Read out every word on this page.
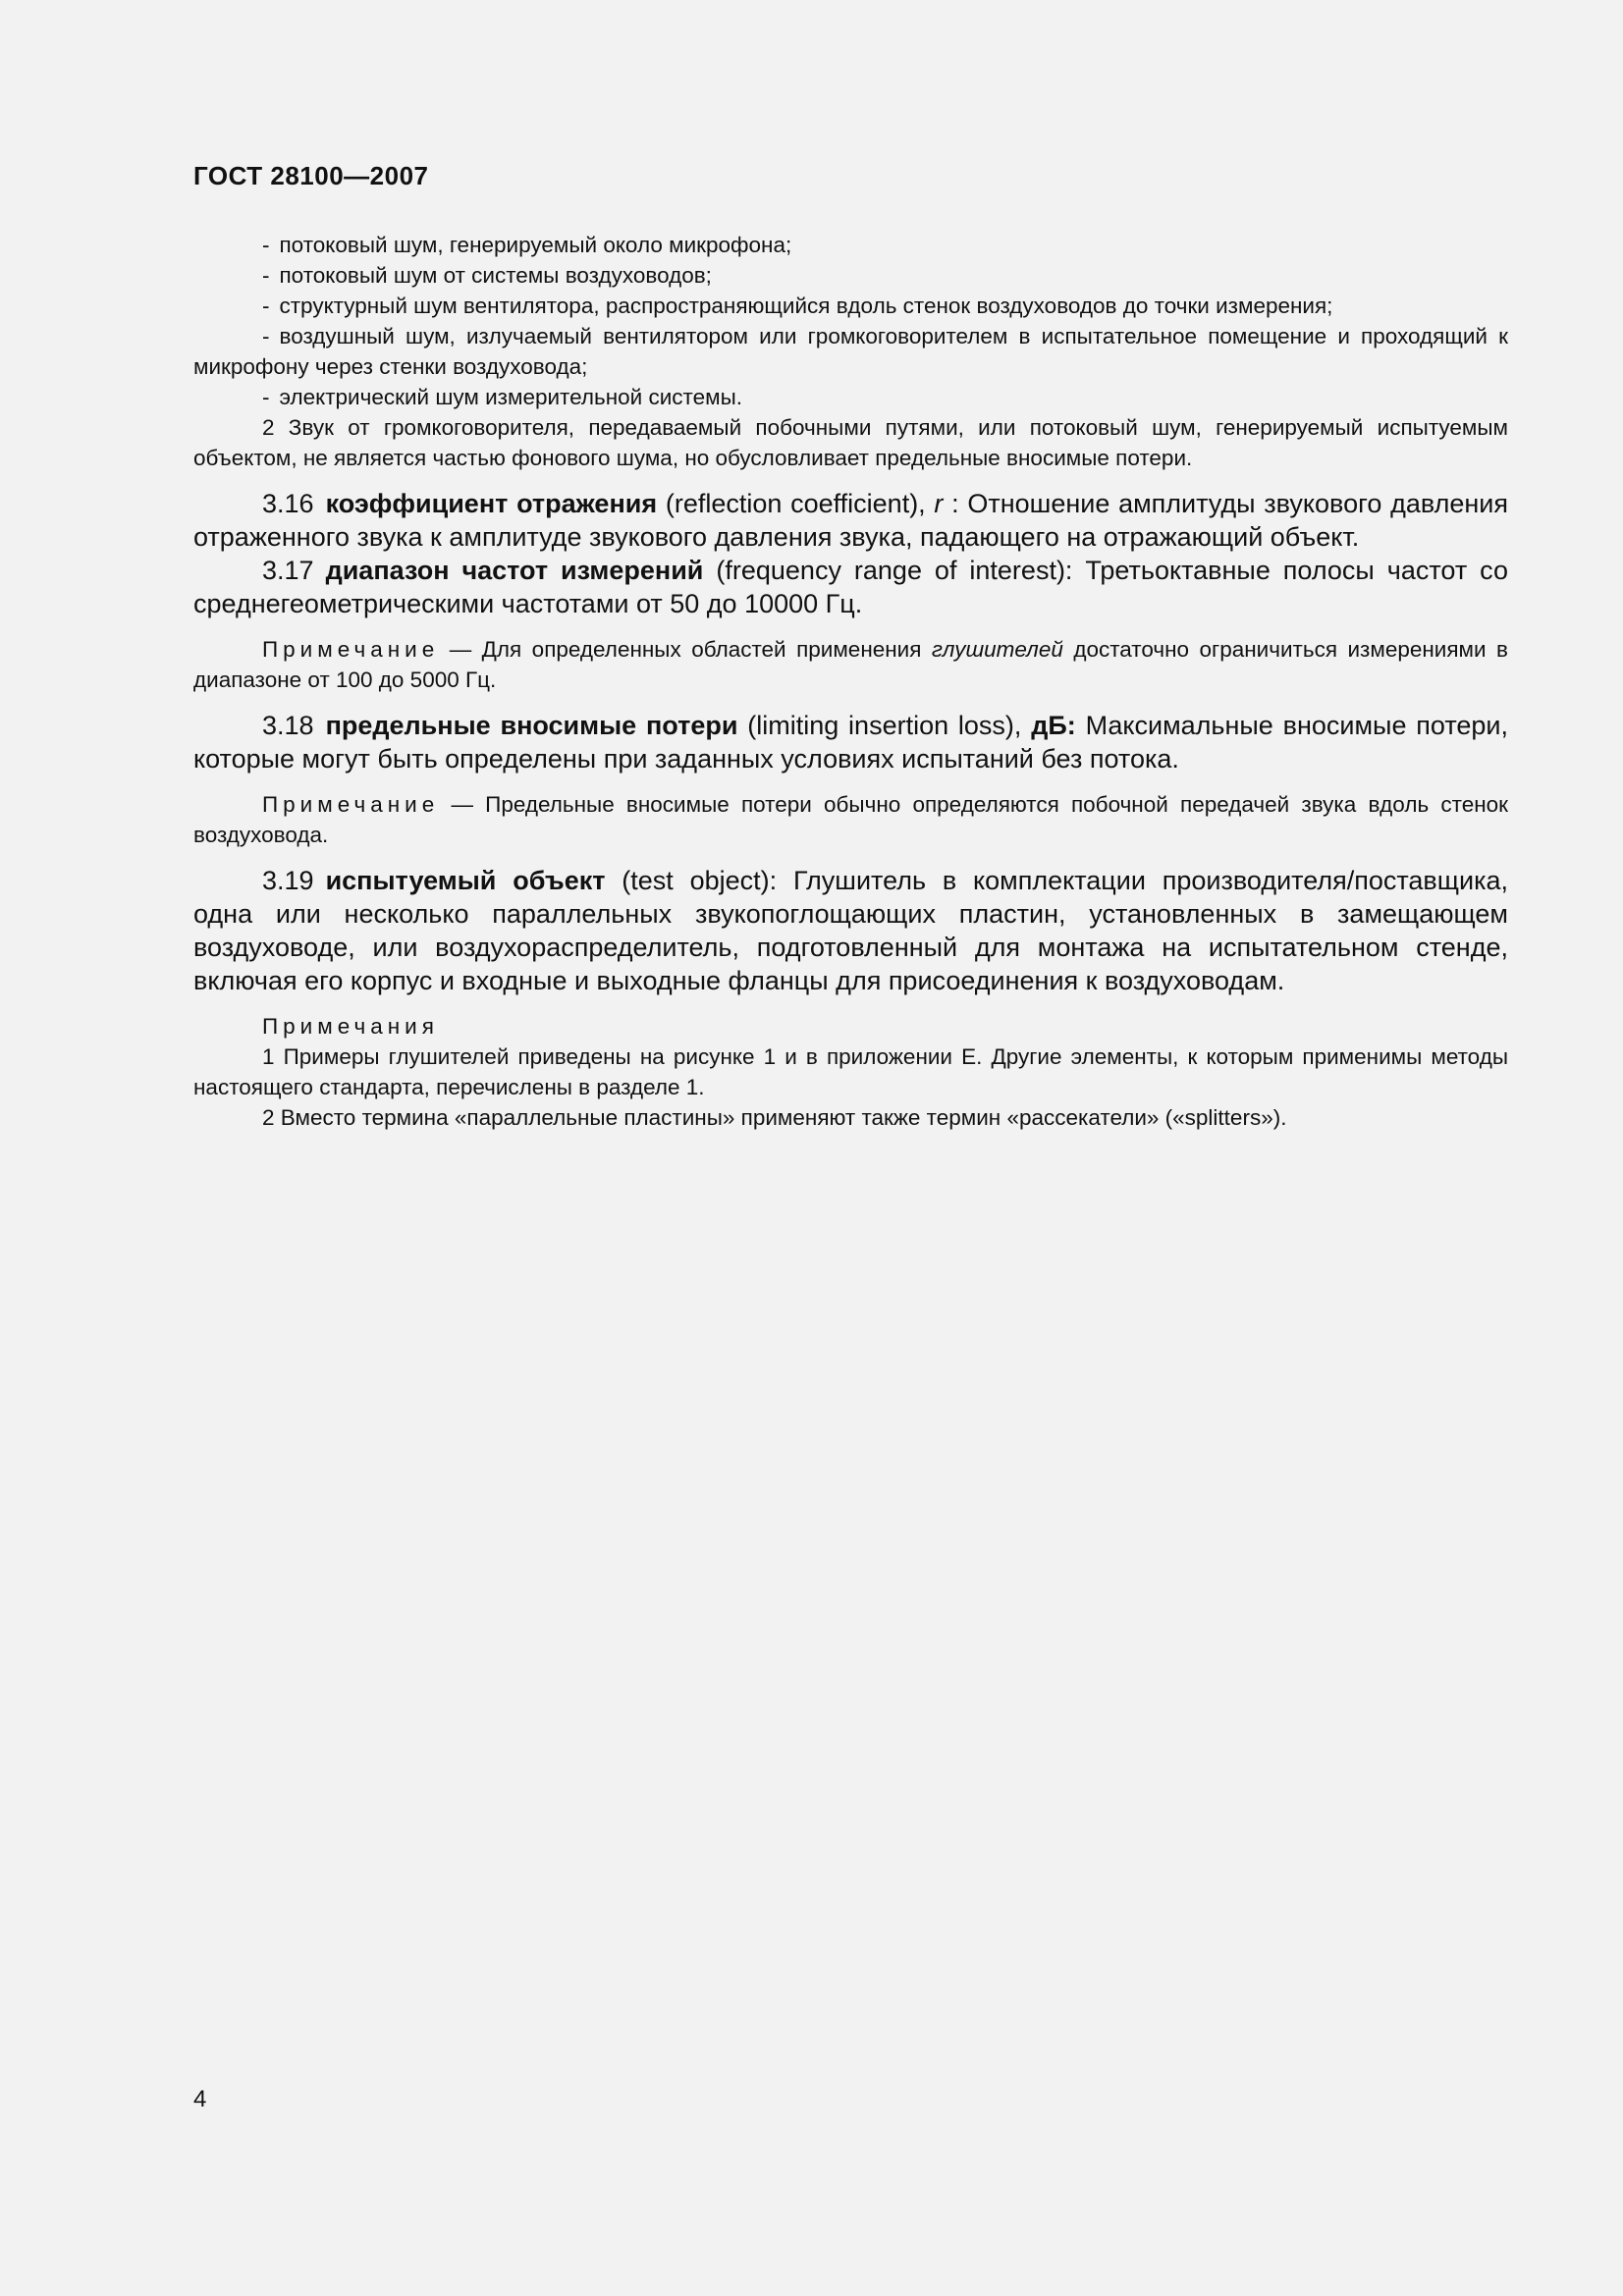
ГОСТ 28100—2007

- потоковый шум, генерируемый около микрофона;

- потоковый шум от системы воздуховодов;

- структурный шум вентилятора, распространяющийся вдоль стенок воздуховодов до точки измерения;

- воздушный шум, излучаемый вентилятором или громкоговорителем в испытательное помещение и проходящий к микрофону через стенки воздуховода;

- электрический шум измерительной системы.

2 Звук от громкоговорителя, передаваемый побочными путями, или потоковый шум, генерируемый испытуемым объектом, не является частью фонового шума, но обусловливает предельные вносимые потери.

3.16 коэффициент отражения (reflection coefficient), r : Отношение амплитуды звукового давления отраженного звука к амплитуде звукового давления звука, падающего на отражающий объект.

3.17 диапазон частот измерений (frequency range of interest): Третьоктавные полосы частот со среднегеометрическими частотами от 50 до 10000 Гц.

Примечание — Для определенных областей применения глушителей достаточно ограничиться измерениями в диапазоне от 100 до 5000 Гц.

3.18 предельные вносимые потери (limiting insertion loss), дБ: Максимальные вносимые потери, которые могут быть определены при заданных условиях испытаний без потока.

Примечание — Предельные вносимые потери обычно определяются побочной передачей звука вдоль стенок воздуховода.

3.19 испытуемый объект (test object): Глушитель в комплектации производителя/поставщика, одна или несколько параллельных звукопоглощающих пластин, установленных в замещающем воздуховоде, или воздухораспределитель, подготовленный для монтажа на испытательном стенде, включая его корпус и входные и выходные фланцы для присоединения к воздуховодам.

Примечания

1 Примеры глушителей приведены на рисунке 1 и в приложении Е. Другие элементы, к которым применимы методы настоящего стандарта, перечислены в разделе 1.

2 Вместо термина «параллельные пластины» применяют также термин «рассекатели» («splitters»).

4
